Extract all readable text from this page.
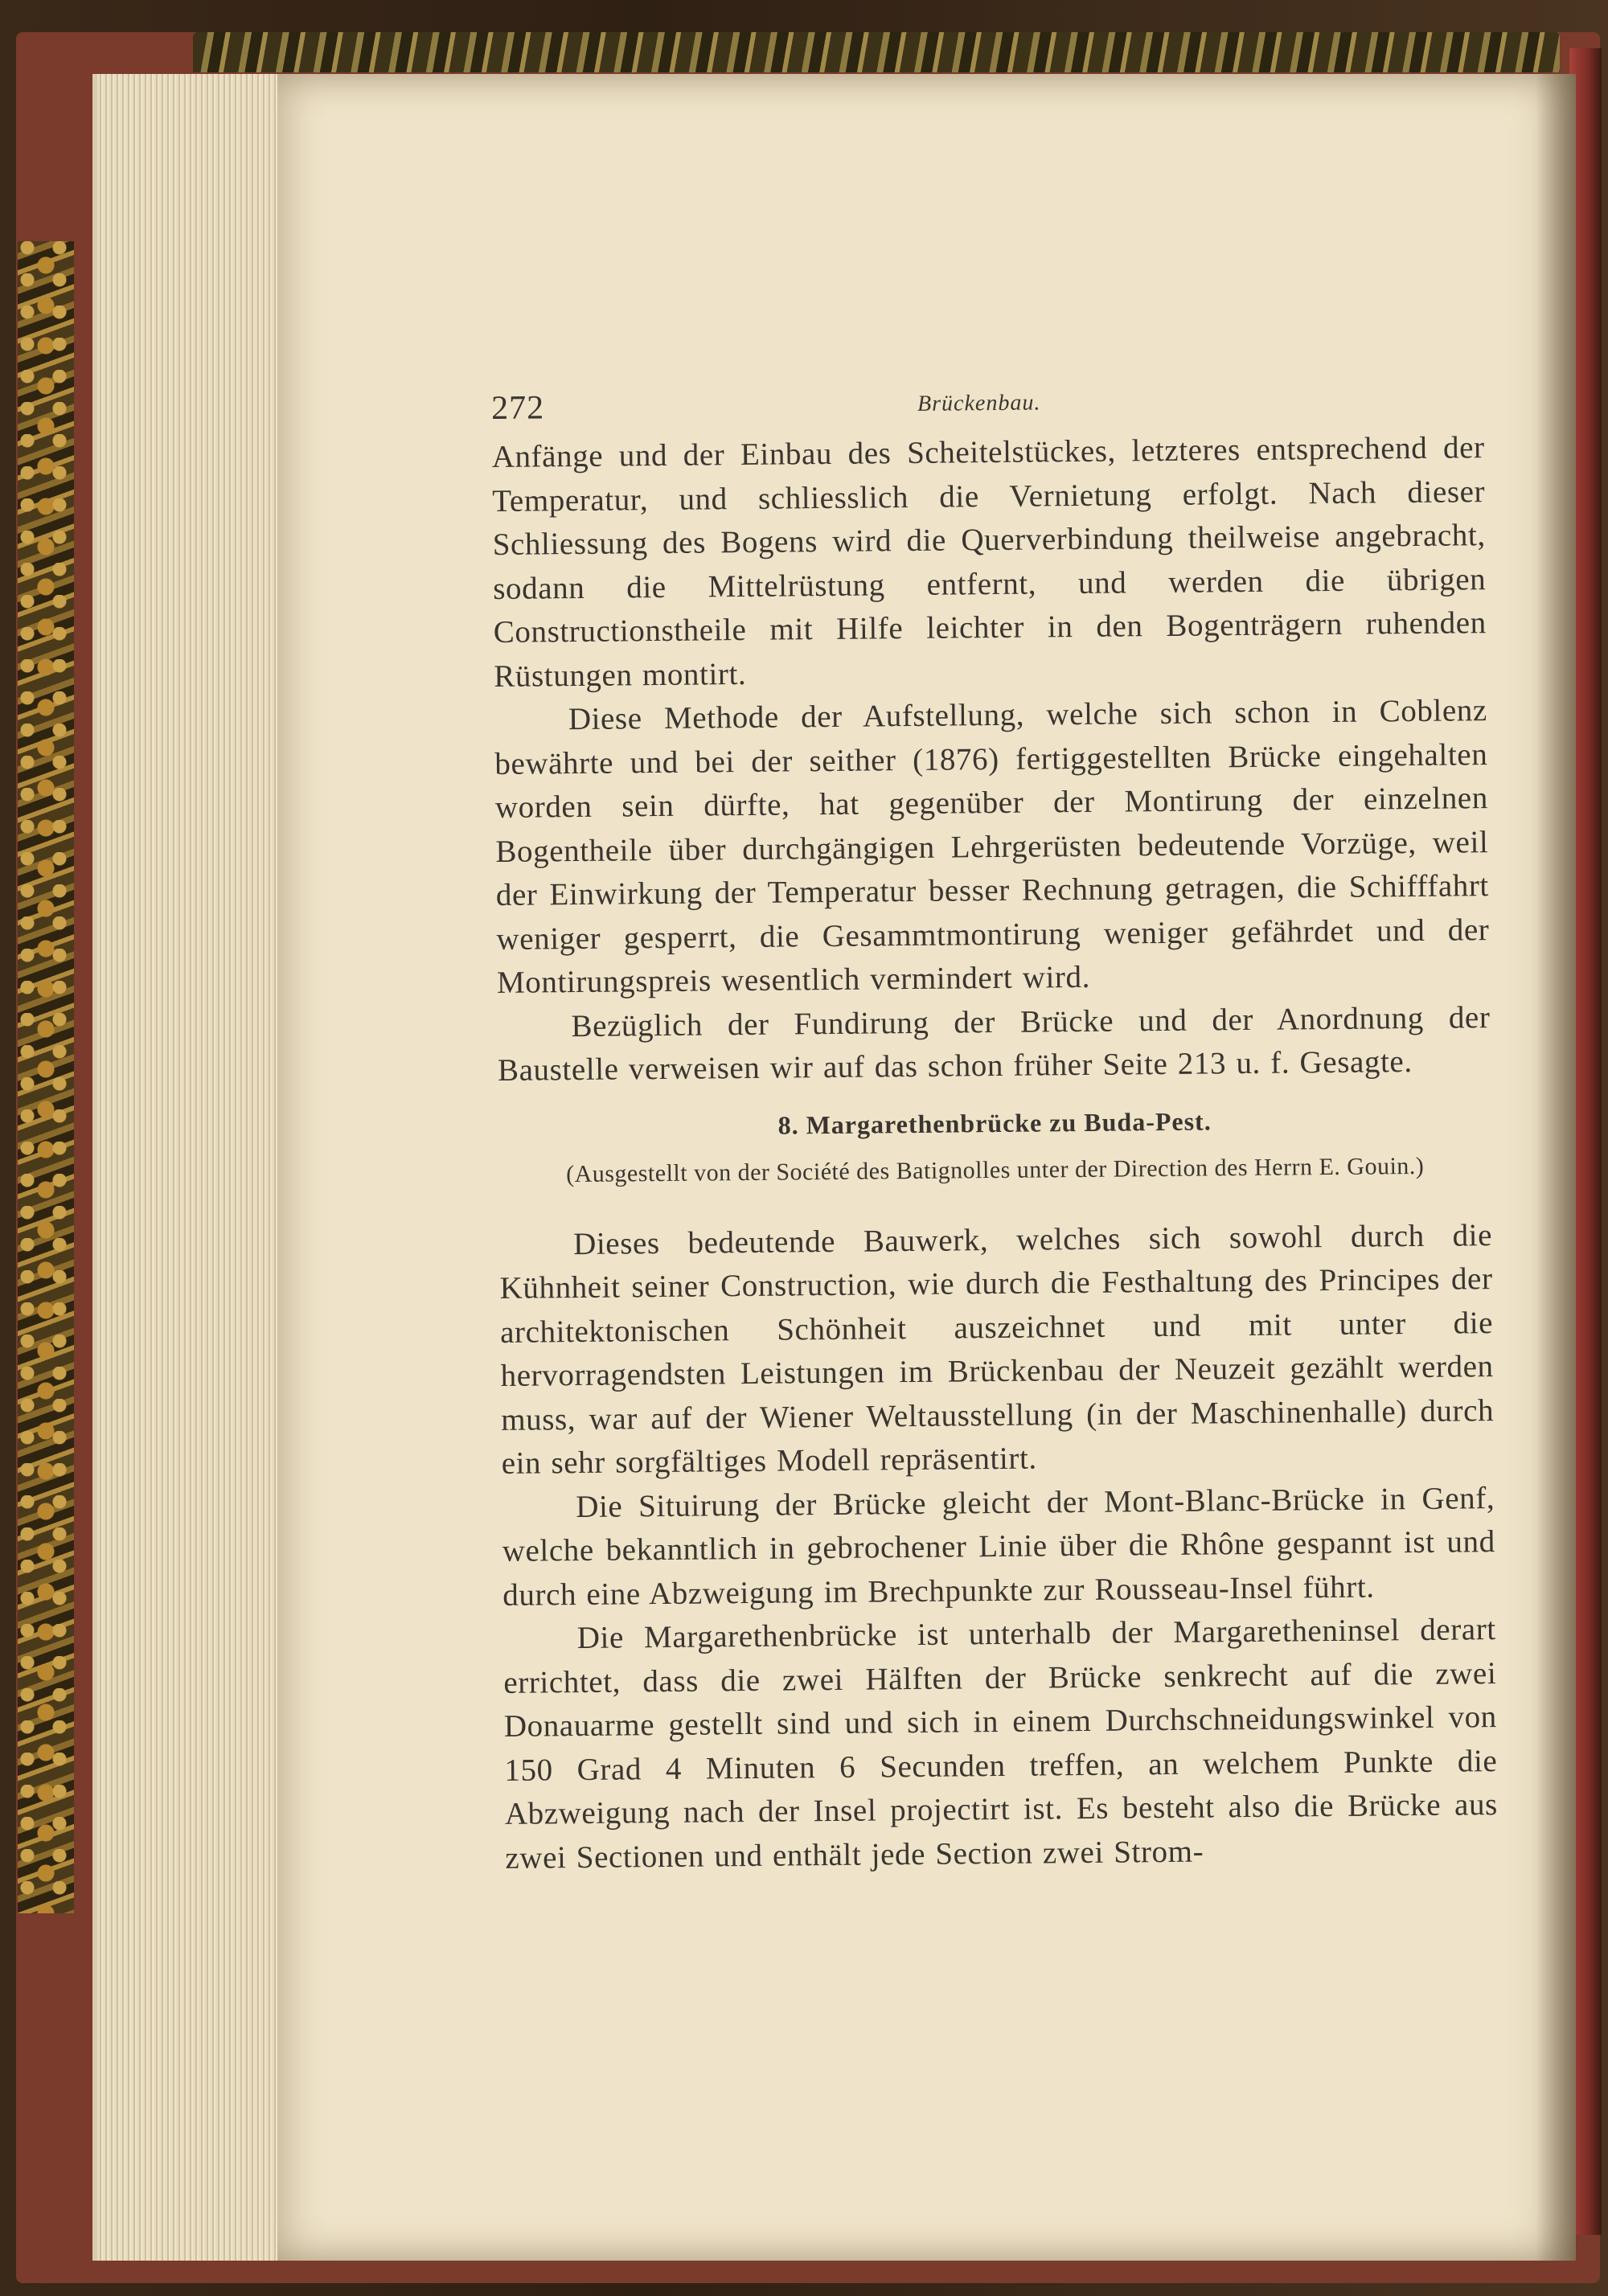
272	Brückenbau.

Anfänge und der Einbau des Scheitelstückes, letzteres entsprechend der Temperatur, und schliesslich die Vernietung erfolgt. Nach dieser Schliessung des Bogens wird die Querverbindung theilweise angebracht, sodann die Mittelrüstung entfernt, und werden die übrigen Constructionstheile mit Hilfe leichter in den Bogenträgern ruhenden Rüstungen montirt.

Diese Methode der Aufstellung, welche sich schon in Coblenz bewährte und bei der seither (1876) fertiggestellten Brücke eingehalten worden sein dürfte, hat gegenüber der Montirung der einzelnen Bogentheile über durchgängigen Lehrgerüsten bedeutende Vorzüge, weil der Einwirkung der Temperatur besser Rechnung getragen, die Schifffahrt weniger gesperrt, die Gesammtmontirung weniger gefährdet und der Montirungspreis wesentlich vermindert wird.

Bezüglich der Fundirung der Brücke und der Anordnung der Baustelle verweisen wir auf das schon früher Seite 213 u. f. Gesagte.

8. Margarethenbrücke zu Buda-Pest.
(Ausgestellt von der Société des Batignolles unter der Direction des Herrn E. Gouin.)

Dieses bedeutende Bauwerk, welches sich sowohl durch die Kühnheit seiner Construction, wie durch die Festhaltung des Principes der architektonischen Schönheit auszeichnet und mit unter die hervorragendsten Leistungen im Brückenbau der Neuzeit gezählt werden muss, war auf der Wiener Weltausstellung (in der Maschinenhalle) durch ein sehr sorgfältiges Modell repräsentirt.

Die Situirung der Brücke gleicht der Mont-Blanc-Brücke in Genf, welche bekanntlich in gebrochener Linie über die Rhône gespannt ist und durch eine Abzweigung im Brechpunkte zur Rousseau-Insel führt.

Die Margarethenbrücke ist unterhalb der Margaretheninsel derart errichtet, dass die zwei Hälften der Brücke senkrecht auf die zwei Donauarme gestellt sind und sich in einem Durchschneidungswinkel von 150 Grad 4 Minuten 6 Secunden treffen, an welchem Punkte die Abzweigung nach der Insel projectirt ist. Es besteht also die Brücke aus zwei Sectionen und enthält jede Section zwei Strom-
